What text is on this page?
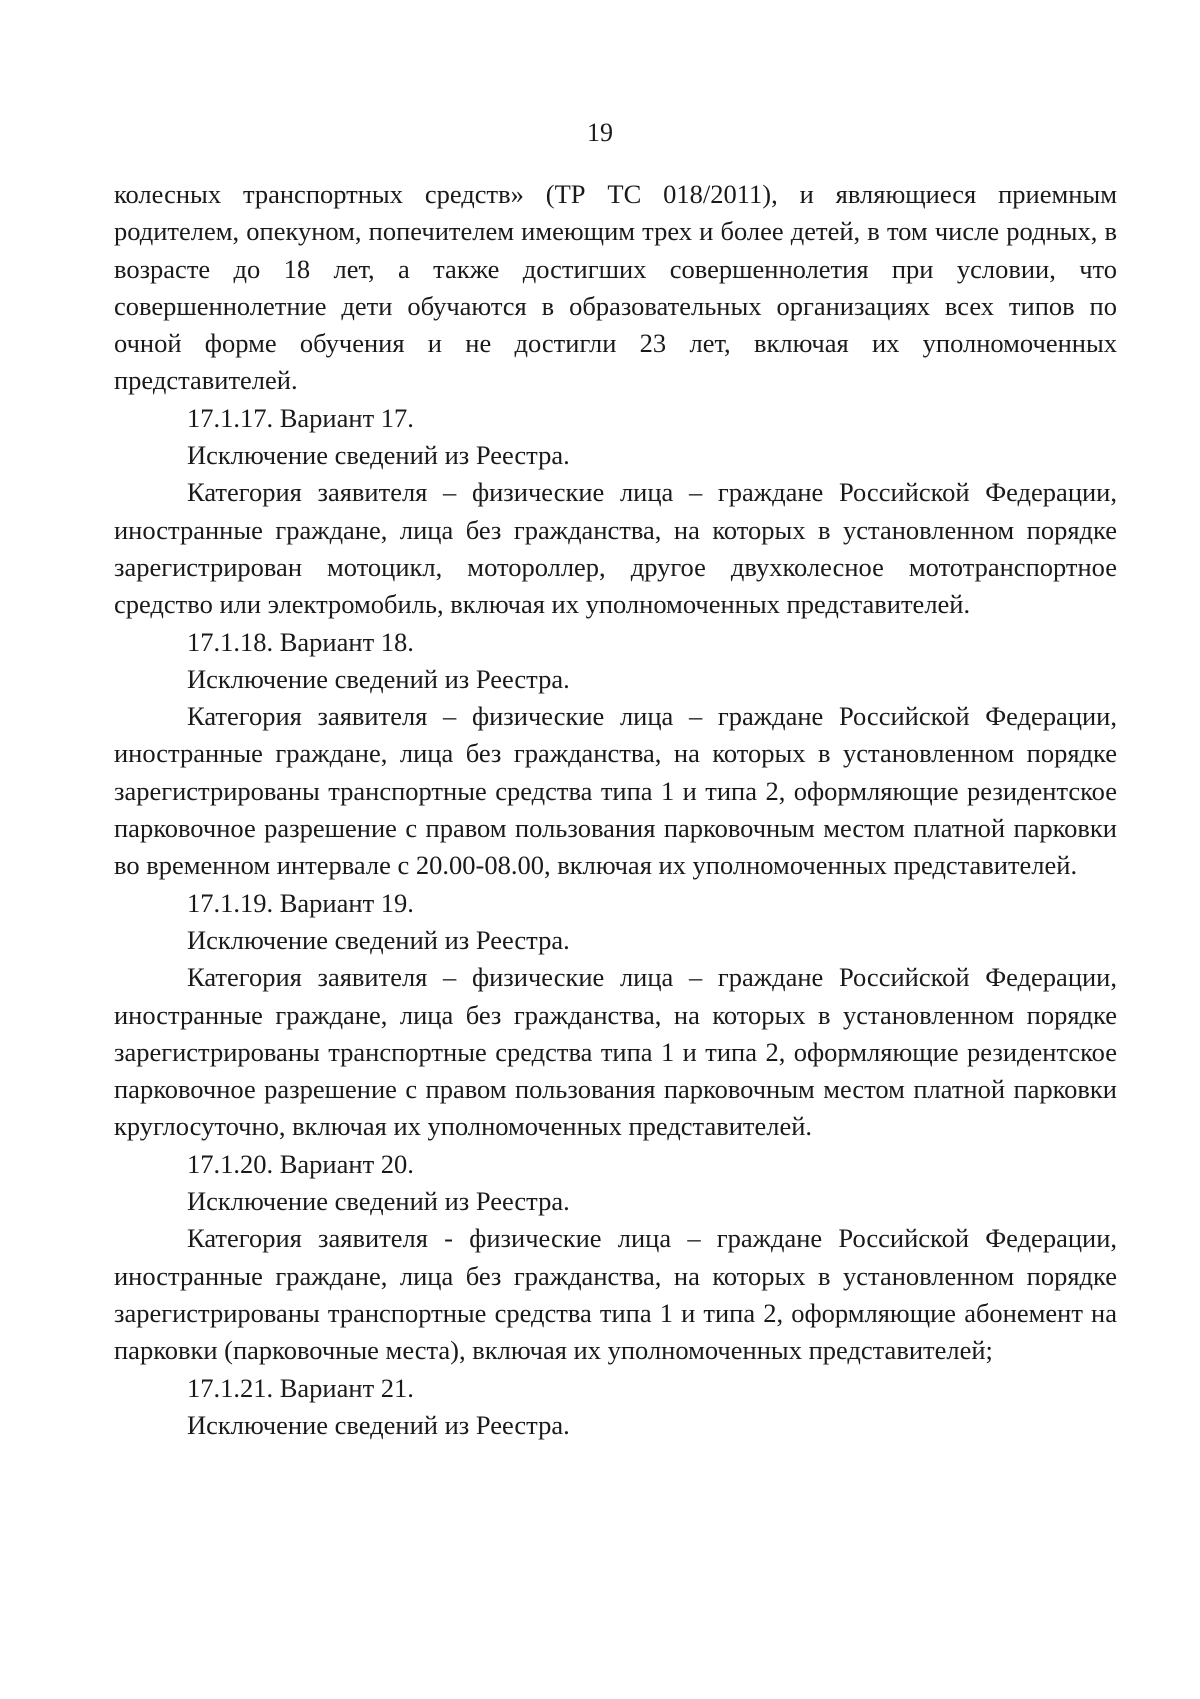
19

колесных транспортных средств» (ТР ТС 018/2011), и являющиеся приемным родителем, опекуном, попечителем имеющим трех и более детей, в том числе родных, в возрасте до 18 лет, а также достигших совершеннолетия при условии, что совершеннолетние дети обучаются в образовательных организациях всех типов по очной форме обучения и не достигли 23 лет, включая их уполномоченных представителей.

17.1.17. Вариант 17.

Исключение сведений из Реестра.

Категория заявителя – физические лица – граждане Российской Федерации, иностранные граждане, лица без гражданства, на которых в установленном порядке зарегистрирован мотоцикл, мотороллер, другое двухколесное мототранспортное средство или электромобиль, включая их уполномоченных представителей.

17.1.18. Вариант 18.

Исключение сведений из Реестра.

Категория заявителя – физические лица – граждане Российской Федерации, иностранные граждане, лица без гражданства, на которых в установленном порядке зарегистрированы транспортные средства типа 1 и типа 2, оформляющие резидентское парковочное разрешение с правом пользования парковочным местом платной парковки во временном интервале с 20.00-08.00, включая их уполномоченных представителей.

17.1.19. Вариант 19.

Исключение сведений из Реестра.

Категория заявителя – физические лица – граждане Российской Федерации, иностранные граждане, лица без гражданства, на которых в установленном порядке зарегистрированы транспортные средства типа 1 и типа 2, оформляющие резидентское парковочное разрешение с правом пользования парковочным местом платной парковки круглосуточно, включая их уполномоченных представителей.

17.1.20. Вариант 20.

Исключение сведений из Реестра.

Категория заявителя - физические лица – граждане Российской Федерации, иностранные граждане, лица без гражданства, на которых в установленном порядке зарегистрированы транспортные средства типа 1 и типа 2, оформляющие абонемент на парковки (парковочные места), включая их уполномоченных представителей;

17.1.21. Вариант 21.

Исключение сведений из Реестра.
